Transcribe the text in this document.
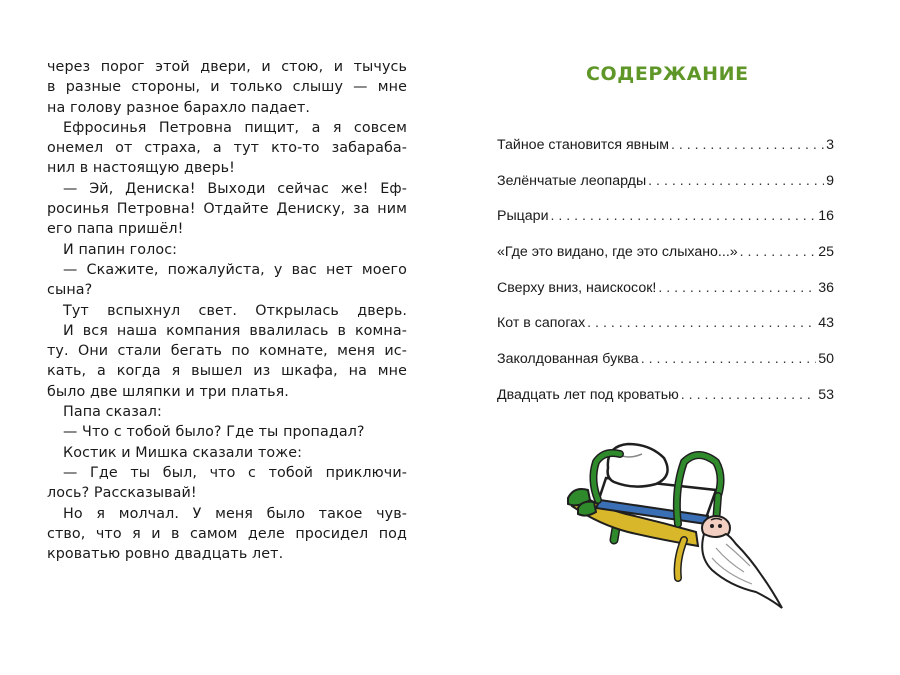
через порог этой двери, и стою, и тычусь
в разные стороны, и только слышу — мне
на голову разное барахло падает.
Ефросинья Петровна пищит, а я совсем
онемел от страха, а тут кто-то забараба-
нил в настоящую дверь!
— Эй, Дениска! Выходи сейчас же! Еф-
росинья Петровна! Отдайте Дениску, за ним
его папа пришёл!
И папин голос:
— Скажите, пожалуйста, у вас нет моего
сына?
Тут вспыхнул свет. Открылась дверь.
И вся наша компания ввалилась в комна-
ту. Они стали бегать по комнате, меня ис-
кать, а когда я вышел из шкафа, на мне
было две шляпки и три платья.
Папа сказал:
— Что с тобой было? Где ты пропадал?
Костик и Мишка сказали тоже:
— Где ты был, что с тобой приключи-
лось? Рассказывай!
Но я молчал. У меня было такое чув-
ство, что я и в самом деле просидел под
кроватью ровно двадцать лет.
СОДЕРЖАНИЕ
Тайное становится явным . . .	3
Зелёнчатые леопарды . . .	9
Рыцари . . .	16
«Где это видано, где это слыхано...» . . .	25
Сверху вниз, наискосок! . . .	36
Кот в сапогах . . .	43
Заколдованная буква . . .	50
Двадцать лет под кроватью . . .	53
